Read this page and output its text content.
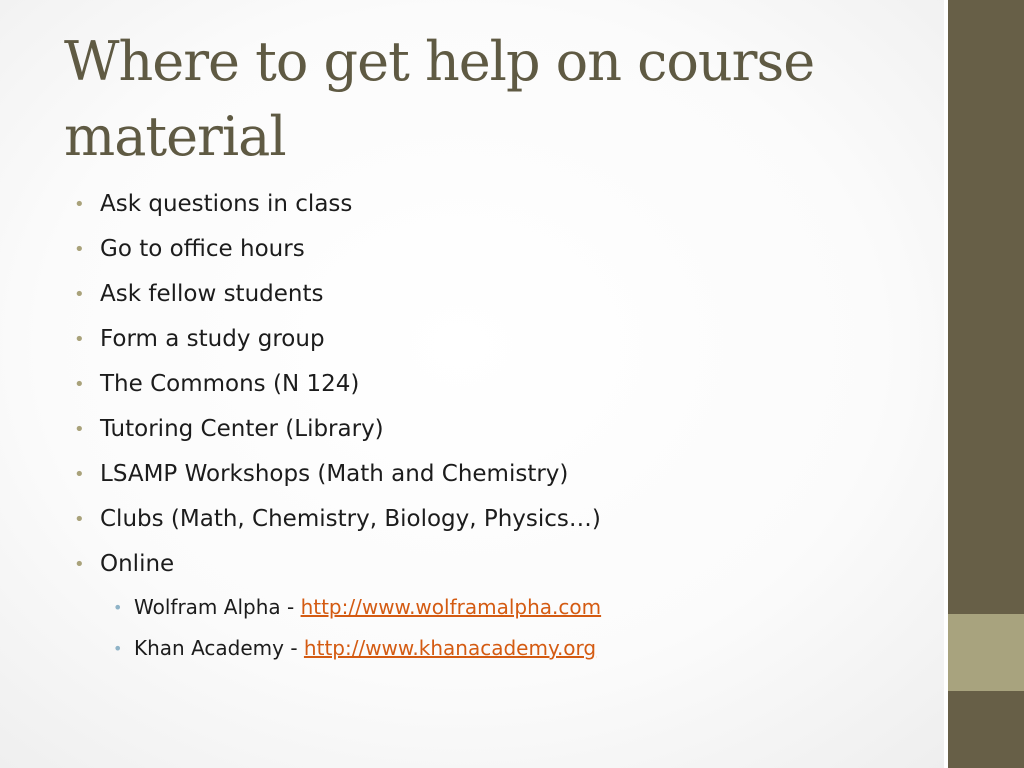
Where to get help on course
material
• Ask questions in class
• Go to office hours
• Ask fellow students
• Form a study group
• The Commons (N 124)
• Tutoring Center (Library)
• LSAMP Workshops (Math and Chemistry)
• Clubs (Math, Chemistry, Biology, Physics…)
• Online
• Wolfram Alpha - http://www.wolframalpha.com
• Khan Academy - http://www.khanacademy.org
